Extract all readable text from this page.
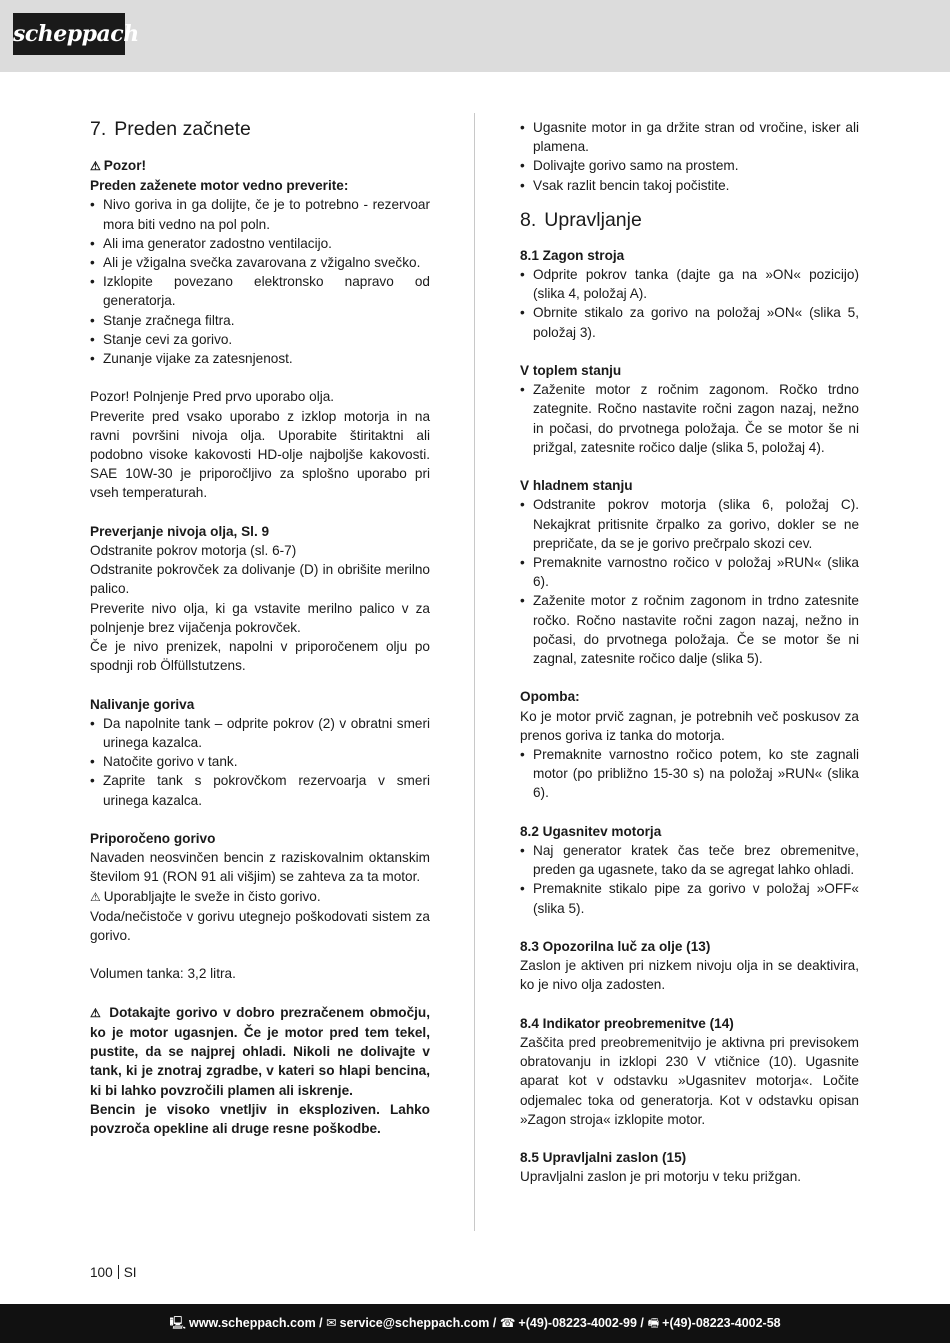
scheppach
7. Preden začnete

⚠ Pozor!

Preden zaženete motor vedno preverite:

• Nivo goriva in ga dolijte, če je to potrebno - rezervoar mora biti vedno na pol poln.
• Ali ima generator zadostno ventilacijo.
• Ali je vžigalna svečka zavarovana z vžigalno svečko.
• Izklopite povezano elektronsko napravo od generatorja.
• Stanje zračnega filtra.
• Stanje cevi za gorivo.
• Zunanje vijake za zatesnjenost.

Pozor! Polnjenje Pred prvo uporabo olja.

Preverite pred vsako uporabo z izklop motorja in na ravni površini nivoja olja. Uporabite štiritaktni ali podobno visoke kakovosti HD-olje najboljše kakovosti. SAE 10W-30 je priporočljivo za splošno uporabo pri vseh temperaturah.

Preverjanje nivoja olja, Sl. 9

Odstranite pokrov motorja (sl. 6-7)

Odstranite pokrovček za dolivanje (D) in obrišite merilno palico.

Preverite nivo olja, ki ga vstavite merilno palico v za polnjenje brez vijačenja pokrovček.

Če je nivo prenizek, napolni v priporočenem olju po spodnji rob Ölfüllstutzens.

Nalivanje goriva

• Da napolnite tank – odprite pokrov (2) v obratni smeri urinega kazalca.
• Natočite gorivo v tank.
• Zaprite tank s pokrovčkom rezervoarja v smeri urinega kazalca.

Priporočeno gorivo

Navaden neosvinčen bencin z raziskovalnim oktanskim številom 91 (RON 91 ali višjim) se zahteva za ta motor.

⚠ Uporabljajte le sveže in čisto gorivo.

Voda/nečistoče v gorivu utegnejo poškodovati sistem za gorivo.

Volumen tanka: 3,2 litra.

⚠ Dotakajte gorivo v dobro prezračenem območju, ko je motor ugasnjen. Če je motor pred tem tekel, pustite, da se najprej ohladi. Nikoli ne dolivajte v tank, ki je znotraj zgradbe, v kateri so hlapi bencina, ki bi lahko povzročili plamen ali iskrenje.

Bencin je visoko vnetljiv in eksploziven. Lahko povzroča opekline ali druge resne poškodbe.

• Ugasnite motor in ga držite stran od vročine, isker ali plamena.
• Dolivajte gorivo samo na prostem.
• Vsak razlit bencin takoj počistite.
8. Upravljanje

8.1 Zagon stroja

• Odprite pokrov tanka (dajte ga na »ON« pozicijo) (slika 4, položaj A).
• Obrnite stikalo za gorivo na položaj »ON« (slika 5, položaj 3).

V toplem stanju

• Zaženite motor z ročnim zagonom. Ročko trdno zategnite. Ročno nastavite ročni zagon nazaj, nežno in počasi, do prvotnega položaja. Če se motor še ni prižgal, zatesnite ročico dalje (slika 5, položaj 4).

V hladnem stanju

• Odstranite pokrov motorja (slika 6, položaj C). Nekajkrat pritisnite črpalko za gorivo, dokler se ne prepričate, da se je gorivo prečrpalo skozi cev.
• Premaknite varnostno ročico v položaj »RUN« (slika 6).
• Zaženite motor z ročnim zagonom in trdno zatesnite ročko. Ročno nastavite ročni zagon nazaj, nežno in počasi, do prvotnega položaja. Če se motor še ni zagnal, zatesnite ročico dalje (slika 5).

Opomba:

Ko je motor prvič zagnan, je potrebnih več poskusov za prenos goriva iz tanka do motorja.

• Premaknite varnostno ročico potem, ko ste zagnali motor (po približno 15-30 s) na položaj »RUN« (slika 6).

8.2 Ugasnitev motorja

• Naj generator kratek čas teče brez obremenitve, preden ga ugasnete, tako da se agregat lahko ohladi.
• Premaknite stikalo pipe za gorivo v položaj »OFF« (slika 5).

8.3 Opozorilna luč za olje (13)

Zaslon je aktiven pri nizkem nivoju olja in se deaktivira, ko je nivo olja zadosten.

8.4 Indikator preobremenitve (14)

Zaščita pred preobremenitvijo je aktivna pri previsokem obratovanju in izklopi 230 V vtičnice (10). Ugasnite aparat kot v odstavku »Ugasnitev motorja«. Ločite odjemalec toka od generatorja. Kot v odstavku opisan »Zagon stroja« izklopite motor.

8.5 Upravljalni zaslon (15)

Upravljalni zaslon je pri motorju v teku prižgan.

100 SI
🖳 www.scheppach.com / ✉ service@scheppach.com / ☎ +(49)-08223-4002-99 / 🖷 +(49)-08223-4002-58
